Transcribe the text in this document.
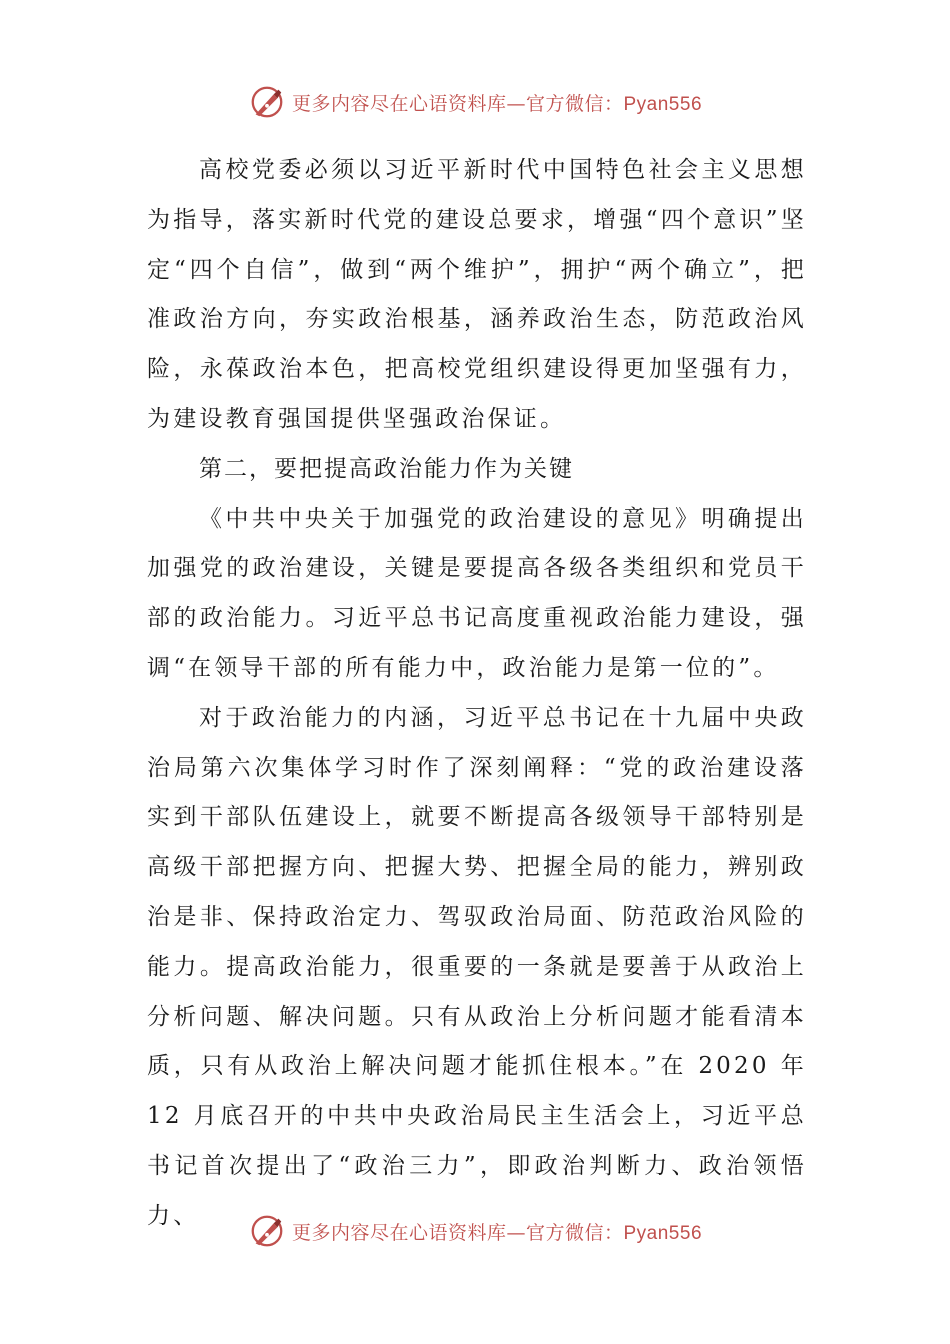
更多内容尽在心语资料库—官方微信：Pyan556

高校党委必须以习近平新时代中国特色社会主义思想为指导，落实新时代党的建设总要求，增强“四个意识”坚定“四个自信”，做到“两个维护”，拥护“两个确立”，把准政治方向，夯实政治根基，涵养政治生态，防范政治风险，永葆政治本色，把高校党组织建设得更加坚强有力，为建设教育强国提供坚强政治保证。

第二，要把提高政治能力作为关键

《中共中央关于加强党的政治建设的意见》明确提出加强党的政治建设，关键是要提高各级各类组织和党员干部的政治能力。习近平总书记高度重视政治能力建设，强调“在领导干部的所有能力中，政治能力是第一位的”。

对于政治能力的内涵，习近平总书记在十九届中央政治局第六次集体学习时作了深刻阐释：“党的政治建设落实到干部队伍建设上，就要不断提高各级领导干部特别是高级干部把握方向、把握大势、把握全局的能力，辨别政治是非、保持政治定力、驾驭政治局面、防范政治风险的能力。提高政治能力，很重要的一条就是要善于从政治上分析问题、解决问题。只有从政治上分析问题才能看清本质，只有从政治上解决问题才能抓住根本。”在 2020 年 12 月底召开的中共中央政治局民主生活会上，习近平总书记首次提出了“政治三力”，即政治判断力、政治领悟力、

更多内容尽在心语资料库—官方微信：Pyan556
